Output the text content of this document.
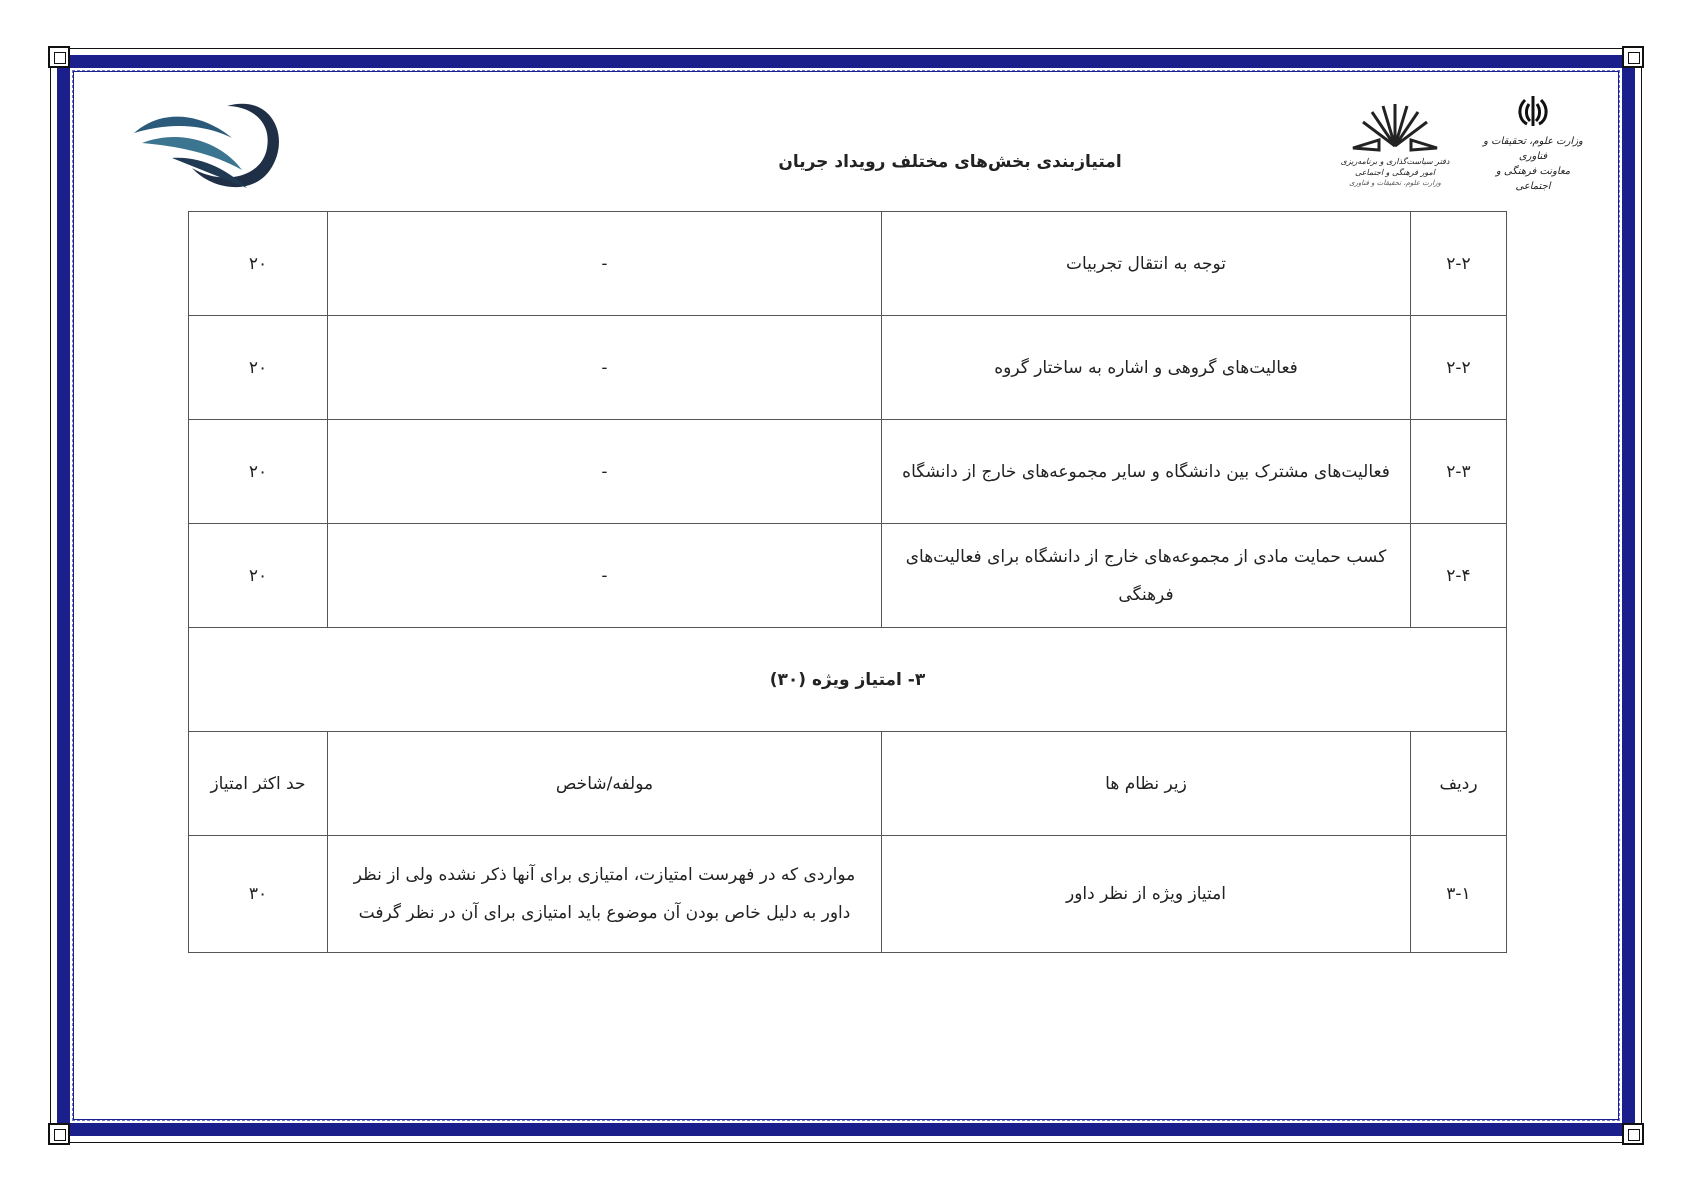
دفتر سیاست‌گذاری و برنامه‌ریزی امور فرهنگی و اجتماعی
وزارت علوم، تحقیقات و فناوری
وزارت علوم، تحقیقات و فناوری
معاونت فرهنگی و اجتماعی
امتیازبندی بخش‌های مختلف رویداد جریان
۲-۲	توجه به انتقال تجربیات	-	۲۰
۲-۲	فعالیت‌های گروهی و اشاره به ساختار گروه	-	۲۰
۲-۳	فعالیت‌های مشترک بین دانشگاه و سایر مجموعه‌های خارج از دانشگاه	-	۲۰
۲-۴	کسب حمایت مادی از مجموعه‌های خارج از دانشگاه برای فعالیت‌های فرهنگی	-	۲۰
۳- امتیاز ویژه (۳۰)			
ردیف	زیر نظام ها	مولفه/شاخص	حد اکثر امتیاز
۳-۱	امتیاز ویژه از نظر داور	مواردی که در فهرست امتیازت، امتیازی برای آنها ذکر نشده ولی از نظر داور به دلیل خاص بودن آن موضوع باید امتیازی برای آن در نظر گرفت	۳۰
